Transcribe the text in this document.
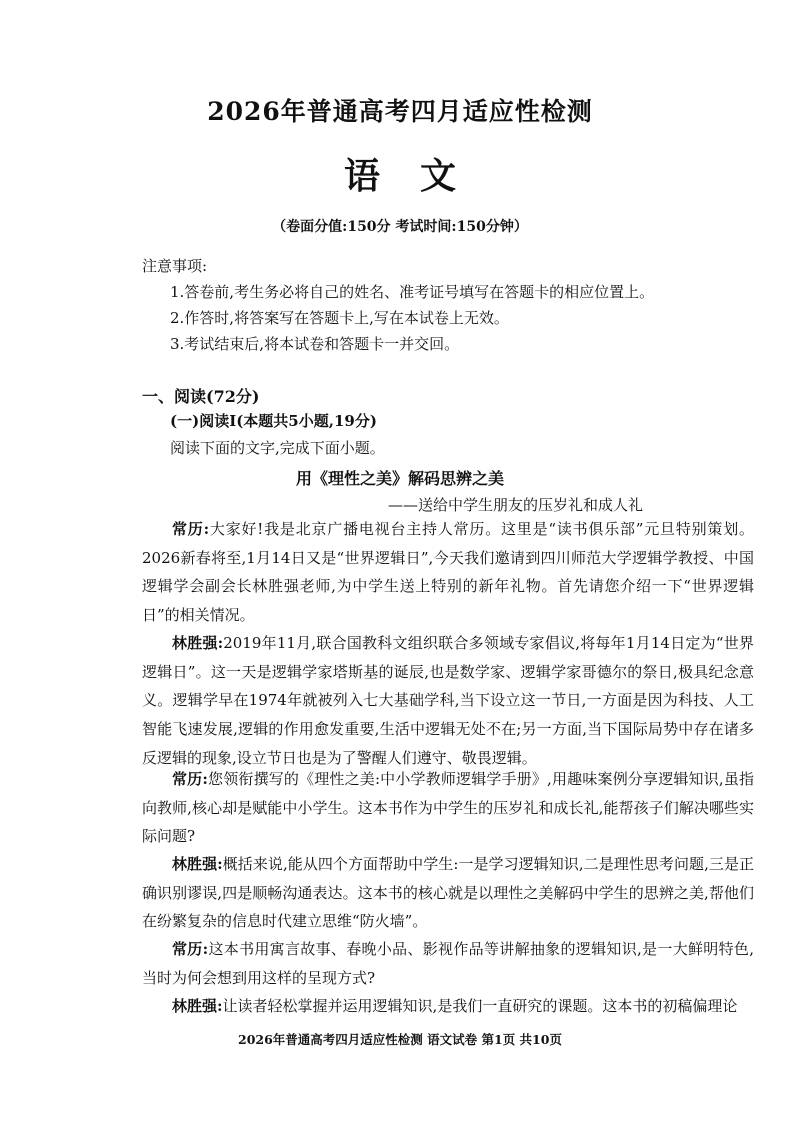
2026年普通高考四月适应性检测
语文
（卷面分值:150分 考试时间:150分钟）
注意事项:
1.答卷前,考生务必将自己的姓名、准考证号填写在答题卡的相应位置上。
2.作答时,将答案写在答题卡上,写在本试卷上无效。
3.考试结束后,将本试卷和答题卡一并交回。
一、阅读(72分)
(一)阅读Ⅰ(本题共5小题,19分)
阅读下面的文字,完成下面小题。
用《理性之美》解码思辨之美
——送给中学生朋友的压岁礼和成人礼
常历:大家好!我是北京广播电视台主持人常历。这里是“读书俱乐部”元旦特别策划。2026新春将至,1月14日又是“世界逻辑日”,今天我们邀请到四川师范大学逻辑学教授、中国逻辑学会副会长林胜强老师,为中学生送上特别的新年礼物。首先请您介绍一下“世界逻辑日”的相关情况。
林胜强:2019年11月,联合国教科文组织联合多领域专家倡议,将每年1月14日定为“世界逻辑日”。这一天是逻辑学家塔斯基的诞辰,也是数学家、逻辑学家哥德尔的祭日,极具纪念意义。逻辑学早在1974年就被列入七大基础学科,当下设立这一节日,一方面是因为科技、人工智能飞速发展,逻辑的作用愈发重要,生活中逻辑无处不在;另一方面,当下国际局势中存在诸多反逻辑的现象,设立节日也是为了警醒人们遵守、敬畏逻辑。
常历:您领衔撰写的《理性之美:中小学教师逻辑学手册》,用趣味案例分享逻辑知识,虽指向教师,核心却是赋能中小学生。这本书作为中学生的压岁礼和成长礼,能帮孩子们解决哪些实际问题?
林胜强:概括来说,能从四个方面帮助中学生:一是学习逻辑知识,二是理性思考问题,三是正确识别谬误,四是顺畅沟通表达。这本书的核心就是以理性之美解码中学生的思辨之美,帮他们在纷繁复杂的信息时代建立思维“防火墙”。
常历:这本书用寓言故事、春晚小品、影视作品等讲解抽象的逻辑知识,是一大鲜明特色,当时为何会想到用这样的呈现方式?
林胜强:让读者轻松掌握并运用逻辑知识,是我们一直研究的课题。这本书的初稿偏理论
2026年普通高考四月适应性检测 语文试卷 第1页 共10页
